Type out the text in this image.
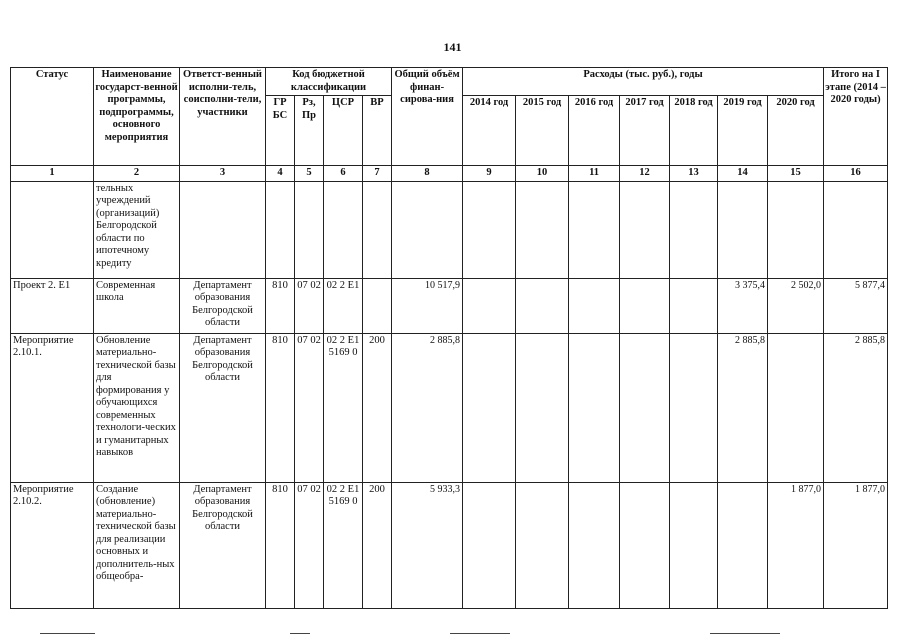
141
Статус	Наименование государст-венной программы, подпрограммы, основного мероприятия	Ответст-венный исполни-тель, соисполни-тели, участники	Код бюджетной классификации				Общий объём финан-сирова-ния	Расходы (тыс. руб.), годы							Итого на I этапе (2014 – 2020 годы)
			ГР БС	Рз, Пр	ЦСР	ВР		2014 год	2015 год	2016 год	2017 год	2018 год	2019 год	2020 год	
1	2	3	4	5	6	7	8	9	10	11	12	13	14	15	16
	тельных учреждений (организаций) Белгородской области по ипотечному кредиту														
Проект 2. Е1	Современная школа	Департамент образования Белгородской области	810	07 02	02 2 Е1		10 517,9						3 375,4	2 502,0	5 877,4
Мероприятие 2.10.1.	Обновление материально-технической базы для формирования у обучающихся современных технологи-ческих и гуманитарных навыков	Департамент образования Белгородской области	810	07 02	02 2 Е1 5169 0	200	2 885,8						2 885,8		2 885,8
Мероприятие 2.10.2.	Создание (обновление) материально-технической базы для реализации основных и дополнитель-ных общеобра-	Департамент образования Белгородской области	810	07 02	02 2 Е1 5169 0	200	5 933,3							1 877,0	1 877,0
